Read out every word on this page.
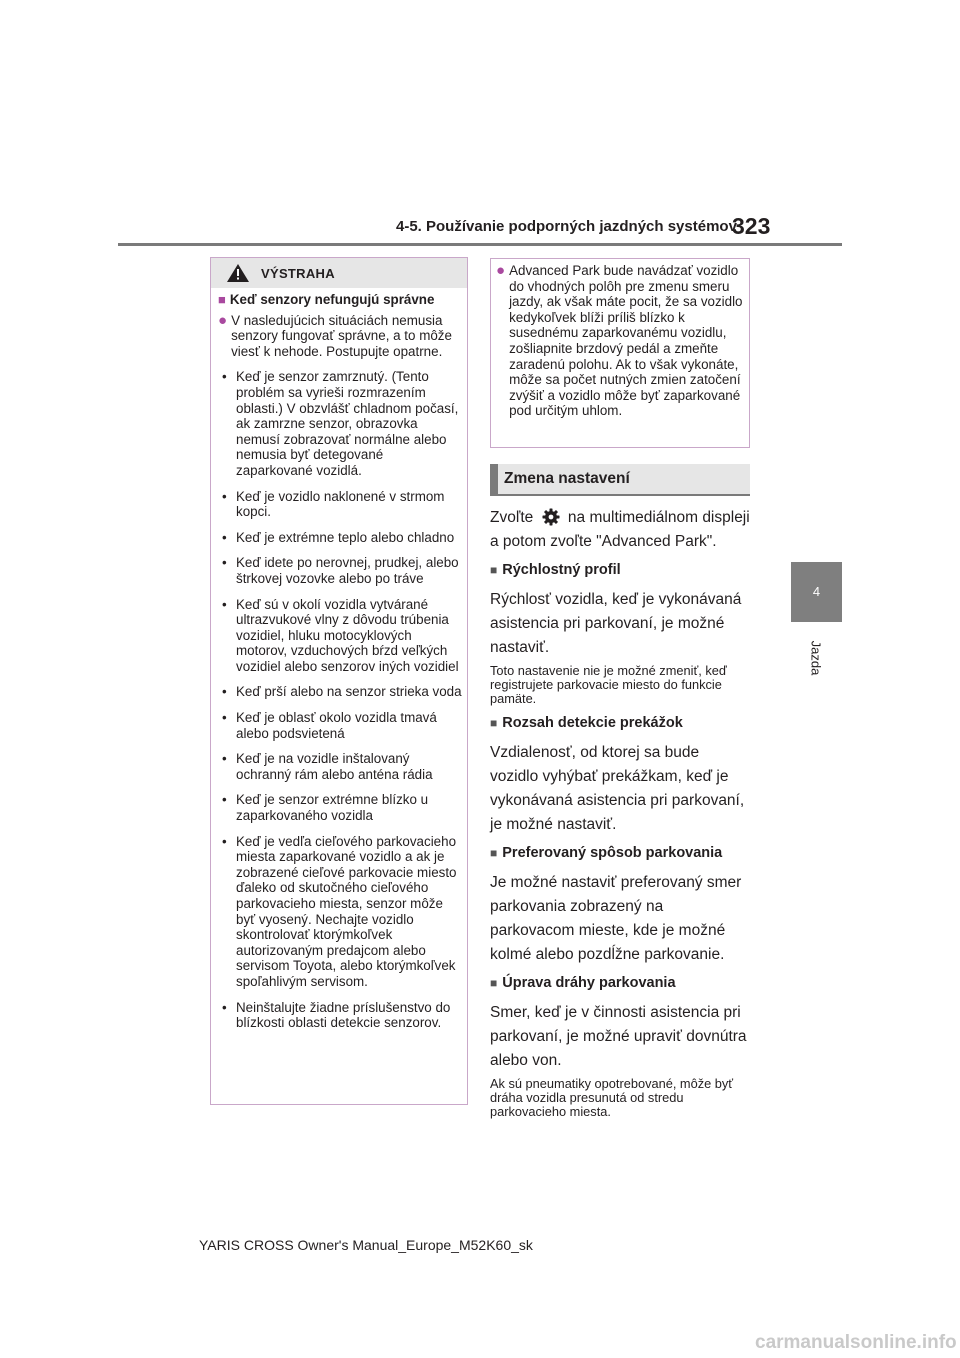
4-5. Používanie podporných jazdných systémov
323
4
Jazda
VÝSTRAHA
■ Keď senzory nefungujú správne
● V nasledujúcich situáciách nemusia senzory fungovať správne, a to môže viesť k nehode. Postupujte opatrne.
• Keď je senzor zamrznutý. (Tento problém sa vyrieši rozmrazením oblasti.) V obzvlášť chladnom počasí, ak zamrzne senzor, obrazovka nemusí zobrazovať normálne alebo nemusia byť detegované zaparkované vozidlá.
• Keď je vozidlo naklonené v strmom kopci.
• Keď je extrémne teplo alebo chladno
• Keď idete po nerovnej, prudkej, alebo štrkovej vozovke alebo po tráve
• Keď sú v okolí vozidla vytvárané ultrazvukové vlny z dôvodu trúbenia vozidiel, hluku motocyklových motorov, vzduchových bŕzd veľkých vozidiel alebo senzorov iných vozidiel
• Keď prší alebo na senzor strieka voda
• Keď je oblasť okolo vozidla tmavá alebo podsvietená
• Keď je na vozidle inštalovaný ochranný rám alebo anténa rádia
• Keď je senzor extrémne blízko u zaparkovaného vozidla
• Keď je vedľa cieľového parkovacieho miesta zaparkované vozidlo a ak je zobrazené cieľové parkovacie miesto ďaleko od skutočného cieľového parkovacieho miesta, senzor môže byť vyosený. Nechajte vozidlo skontrolovať ktorýmkoľvek autorizovaným predajcom alebo servisom Toyota, alebo ktorýmkoľvek spoľahlivým servisom.
• Neinštalujte žiadne príslušenstvo do blízkosti oblasti detekcie senzorov.
● Advanced Park bude navádzať vozidlo do vhodných polôh pre zmenu smeru jazdy, ak však máte pocit, že sa vozidlo kedykoľvek blíži príliš blízko k susednému zaparkovanému vozidlu, zošliapnite brzdový pedál a zmeňte zaradenú polohu. Ak to však vykonáte, môže sa počet nutných zmien zatočení zvýšiť a vozidlo môže byť zaparkované pod určitým uhlom.
Zmena nastavení

Zvoľte na multimediálnom displeji a potom zvoľte "Advanced Park".

■ Rýchlostný profil

Rýchlosť vozidla, keď je vykonávaná asistencia pri parkovaní, je možné nastaviť.

Toto nastavenie nie je možné zmeniť, keď registrujete parkovacie miesto do funkcie pamäte.

■ Rozsah detekcie prekážok

Vzdialenosť, od ktorej sa bude vozidlo vyhýbať prekážkam, keď je vykonávaná asistencia pri parkovaní, je možné nastaviť.

■ Preferovaný spôsob parkovania

Je možné nastaviť preferovaný smer parkovania zobrazený na parkovacom mieste, kde je možné kolmé alebo pozdĺžne parkovanie.

■ Úprava dráhy parkovania

Smer, keď je v činnosti asistencia pri parkovaní, je možné upraviť dovnútra alebo von.

Ak sú pneumatiky opotrebované, môže byť dráha vozidla presunutá od stredu parkovacieho miesta.

YARIS CROSS Owner's Manual_Europe_M52K60_sk
carmanualsonline.info
